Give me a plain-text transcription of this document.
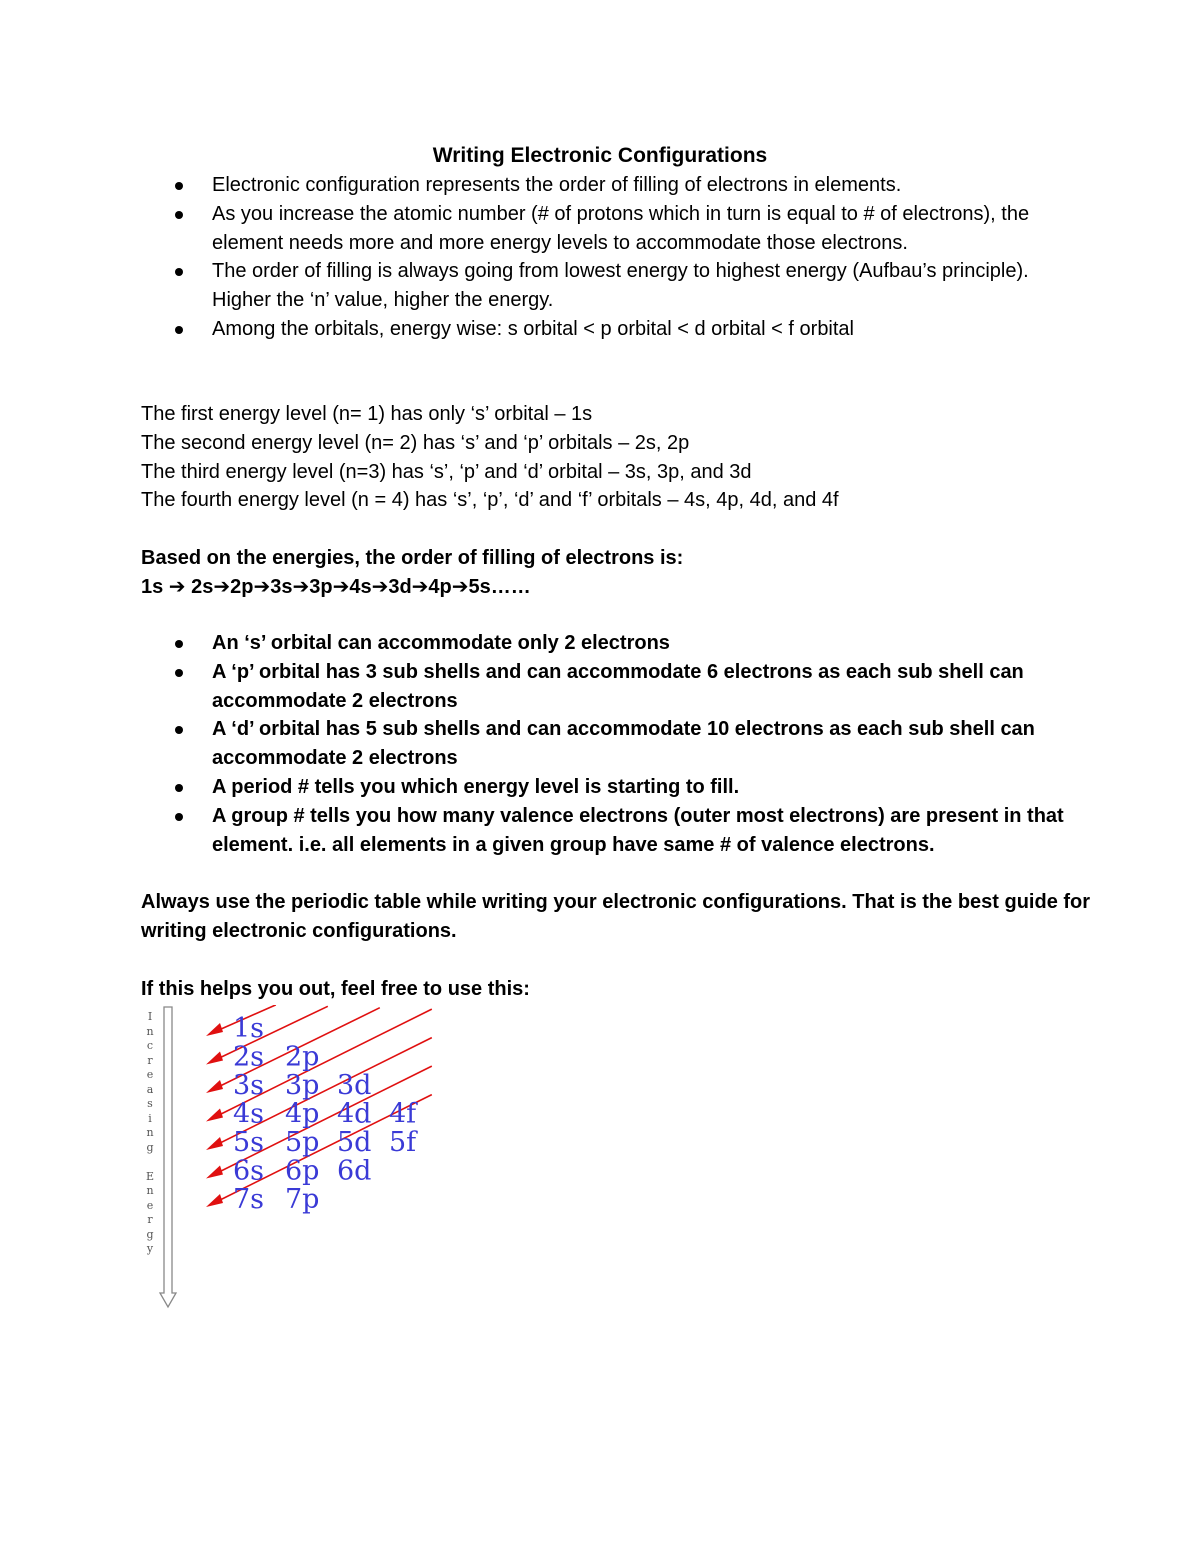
Writing Electronic Configurations
Electronic configuration represents the order of filling of electrons in elements.
As you increase the atomic number (# of protons which in turn is equal to # of electrons), the element needs more and more energy levels to accommodate those electrons.
The order of filling is always going from lowest energy to highest energy (Aufbau’s principle). Higher the ‘n’ value, higher the energy.
Among the orbitals, energy wise: s orbital < p orbital < d orbital < f orbital
The first energy level (n= 1) has only ‘s’ orbital – 1s
The second energy level (n= 2) has ‘s’ and ‘p’ orbitals – 2s, 2p
The third energy level (n=3) has ‘s’, ‘p’ and ‘d’ orbital – 3s, 3p, and 3d
The fourth energy level (n = 4) has ‘s’, ‘p’, ‘d’ and ‘f’ orbitals – 4s, 4p, 4d, and 4f
Based on the energies, the order of filling of electrons is:
1s ➔ 2s➔2p➔3s➔3p➔4s➔3d➔4p➔5s……
An ‘s’ orbital can accommodate only 2 electrons
A ‘p’ orbital has 3 sub shells and can accommodate 6 electrons as each sub shell can accommodate 2 electrons
A ‘d’ orbital has 5 sub shells and can accommodate 10 electrons as each sub shell can accommodate 2 electrons
A period # tells you which energy level is starting to fill.
A group # tells you how many valence electrons (outer most electrons) are present in that element. i.e. all elements in a given group have same # of valence electrons.
Always use the periodic table while writing your electronic configurations. That is the best guide for writing electronic configurations.
If this helps you out, feel free to use this:
I
n
c
r
e
a
s
i
n
g

E
n
e
r
g
y
1s
2s 2p
3s 3p 3d
4s 4p 4d 4f
5s 5p 5d 5f
6s 6p 6d
7s 7p
